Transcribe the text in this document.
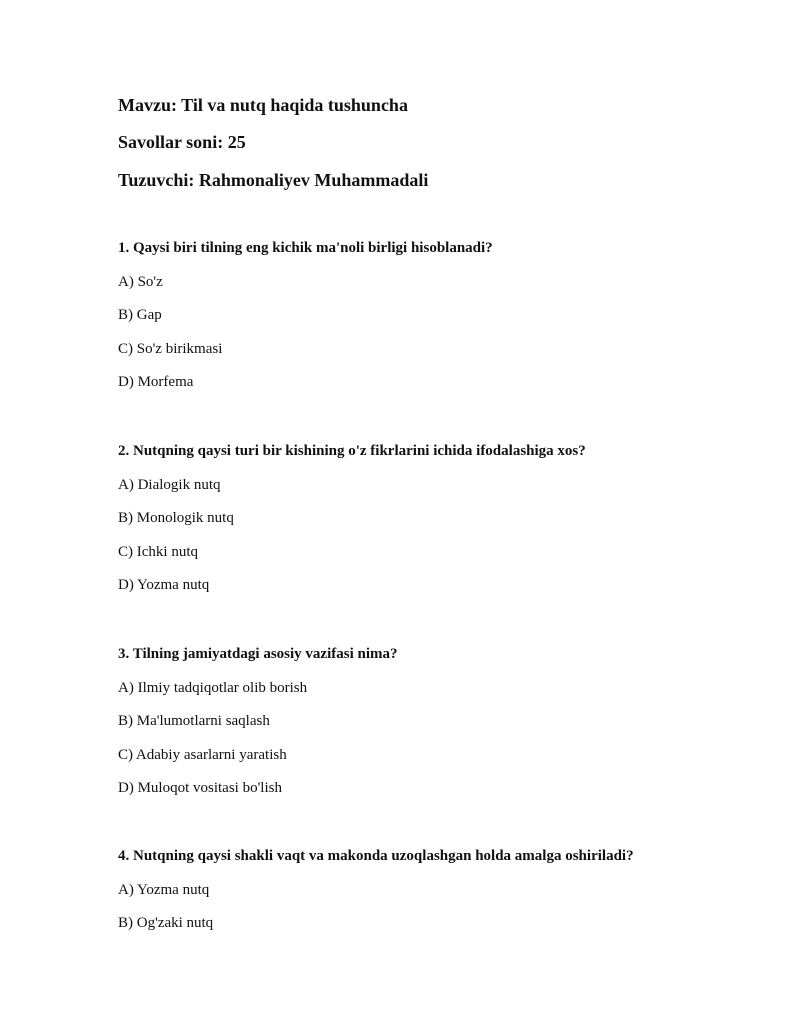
Mavzu: Til va nutq haqida tushuncha
Savollar soni: 25
Tuzuvchi: Rahmonaliyev Muhammadali

1. Qaysi biri tilning eng kichik ma'noli birligi hisoblanadi?

A) So'z
B) Gap
C) So'z birikmasi
D) Morfema

2. Nutqning qaysi turi bir kishining o'z fikrlarini ichida ifodalashiga xos?

A) Dialogik nutq
B) Monologik nutq
C) Ichki nutq
D) Yozma nutq

3. Tilning jamiyatdagi asosiy vazifasi nima?

A) Ilmiy tadqiqotlar olib borish
B) Ma'lumotlarni saqlash
C) Adabiy asarlarni yaratish
D) Muloqot vositasi bo'lish

4. Nutqning qaysi shakli vaqt va makonda uzoqlashgan holda amalga oshiriladi?

A) Yozma nutq
B) Og'zaki nutq
